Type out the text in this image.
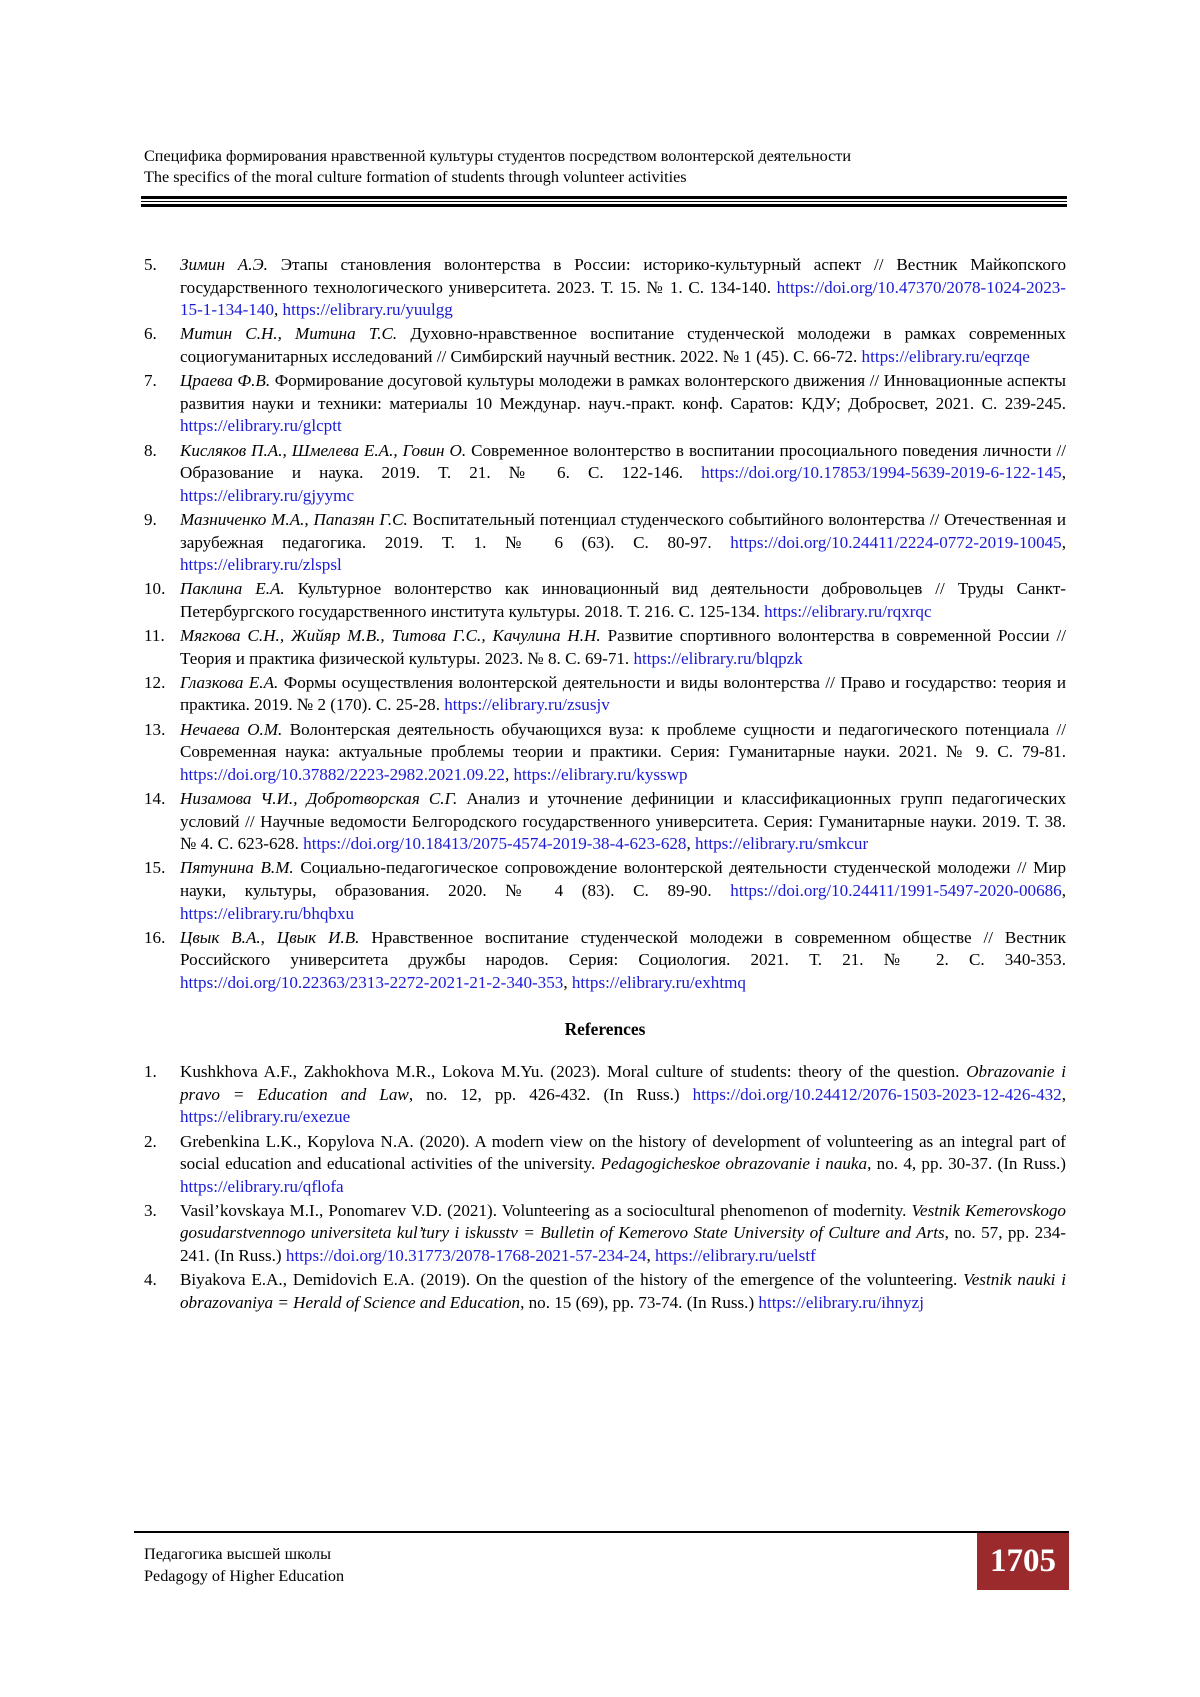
Специфика формирования нравственной культуры студентов посредством волонтерской деятельности
The specifics of the moral culture formation of students through volunteer activities
5. Зимин А.Э. Этапы становления волонтерства в России: историко-культурный аспект // Вестник Майкопского государственного технологического университета. 2023. Т. 15. № 1. С. 134-140. https://doi.org/10.47370/2078-1024-2023-15-1-134-140, https://elibrary.ru/yuulgg
6. Митин С.Н., Митина Т.С. Духовно-нравственное воспитание студенческой молодежи в рамках современных социогуманитарных исследований // Симбирский научный вестник. 2022. № 1 (45). С. 66-72. https://elibrary.ru/eqrzqe
7. Цраева Ф.В. Формирование досуговой культуры молодежи в рамках волонтерского движения // Инновационные аспекты развития науки и техники: материалы 10 Междунар. науч.-практ. конф. Саратов: КДУ; Добросвет, 2021. С. 239-245. https://elibrary.ru/glcptt
8. Кисляков П.А., Шмелева Е.А., Говин О. Современное волонтерство в воспитании просоциального поведения личности // Образование и наука. 2019. Т. 21. № 6. С. 122-146. https://doi.org/10.17853/1994-5639-2019-6-122-145, https://elibrary.ru/gjyymc
9. Мазниченко М.А., Папазян Г.С. Воспитательный потенциал студенческого событийного волонтерства // Отечественная и зарубежная педагогика. 2019. Т. 1. № 6 (63). С. 80-97. https://doi.org/10.24411/2224-0772-2019-10045, https://elibrary.ru/zlspsl
10. Паклина Е.А. Культурное волонтерство как инновационный вид деятельности добровольцев // Труды Санкт-Петербургского государственного института культуры. 2018. Т. 216. С. 125-134. https://elibrary.ru/rqxrqc
11. Мягкова С.Н., Жийяр М.В., Титова Г.С., Качулина Н.Н. Развитие спортивного волонтерства в современной России // Теория и практика физической культуры. 2023. № 8. С. 69-71. https://elibrary.ru/blqpzk
12. Глазкова Е.А. Формы осуществления волонтерской деятельности и виды волонтерства // Право и государство: теория и практика. 2019. № 2 (170). С. 25-28. https://elibrary.ru/zsusjv
13. Нечаева О.М. Волонтерская деятельность обучающихся вуза: к проблеме сущности и педагогического потенциала // Современная наука: актуальные проблемы теории и практики. Серия: Гуманитарные науки. 2021. № 9. С. 79-81. https://doi.org/10.37882/2223-2982.2021.09.22, https://elibrary.ru/kysswp
14. Низамова Ч.И., Добротворская С.Г. Анализ и уточнение дефиниции и классификационных групп педагогических условий // Научные ведомости Белгородского государственного университета. Серия: Гуманитарные науки. 2019. Т. 38. № 4. С. 623-628. https://doi.org/10.18413/2075-4574-2019-38-4-623-628, https://elibrary.ru/smkcur
15. Пятунина В.М. Социально-педагогическое сопровождение волонтерской деятельности студенческой молодежи // Мир науки, культуры, образования. 2020. № 4 (83). С. 89-90. https://doi.org/10.24411/1991-5497-2020-00686, https://elibrary.ru/bhqbxu
16. Цвык В.А., Цвык И.В. Нравственное воспитание студенческой молодежи в современном обществе // Вестник Российского университета дружбы народов. Серия: Социология. 2021. Т. 21. № 2. С. 340-353. https://doi.org/10.22363/2313-2272-2021-21-2-340-353, https://elibrary.ru/exhtmq
References
1. Kushkhova A.F., Zakhokhova M.R., Lokova M.Yu. (2023). Moral culture of students: theory of the question. Obrazovanie i pravo = Education and Law, no. 12, pp. 426-432. (In Russ.) https://doi.org/10.24412/2076-1503-2023-12-426-432, https://elibrary.ru/exezue
2. Grebenkina L.K., Kopylova N.A. (2020). A modern view on the history of development of volunteering as an integral part of social education and educational activities of the university. Pedagogicheskoe obrazovanie i nauka, no. 4, pp. 30-37. (In Russ.) https://elibrary.ru/qflofa
3. Vasil’kovskaya M.I., Ponomarev V.D. (2021). Volunteering as a sociocultural phenomenon of modernity. Vestnik Kemerovskogo gosudarstvennogo universiteta kul’tury i iskusstv = Bulletin of Kemerovo State University of Culture and Arts, no. 57, pp. 234-241. (In Russ.) https://doi.org/10.31773/2078-1768-2021-57-234-24, https://elibrary.ru/uelstf
4. Biyakova E.A., Demidovich E.A. (2019). On the question of the history of the emergence of the volunteering. Vestnik nauki i obrazovaniya = Herald of Science and Education, no. 15 (69), pp. 73-74. (In Russ.) https://elibrary.ru/ihnyzj
Педагогика высшей школы
Pedagogy of Higher Education	1705
